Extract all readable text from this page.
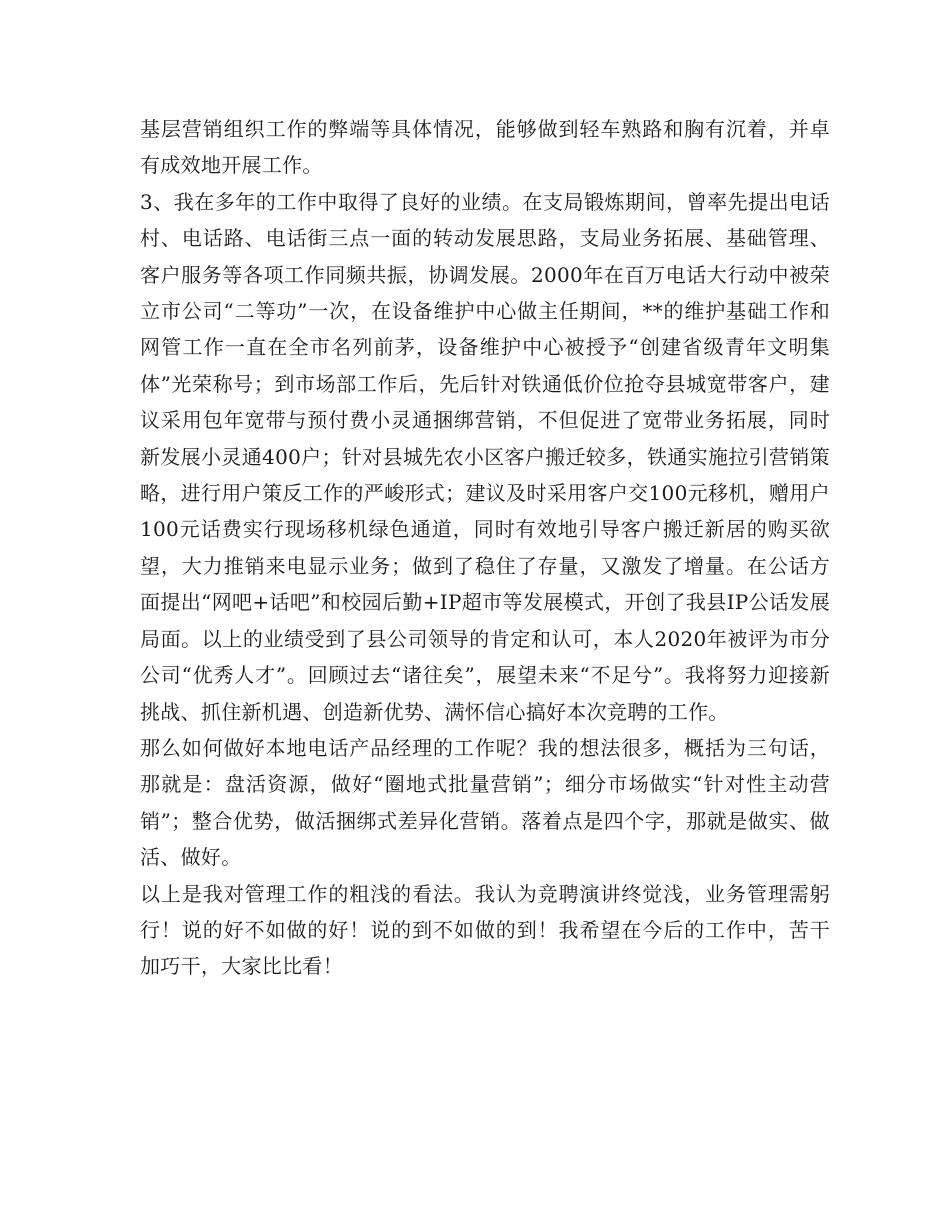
基层营销组织工作的弊端等具体情况，能够做到轻车熟路和胸有沉着，并卓有成效地开展工作。

3、我在多年的工作中取得了良好的业绩。在支局锻炼期间，曾率先提出电话村、电话路、电话街三点一面的转动发展思路，支局业务拓展、基础管理、客户服务等各项工作同频共振，协调发展。2000年在百万电话大行动中被荣立市公司“二等功”一次，在设备维护中心做主任期间，**的维护基础工作和网管工作一直在全市名列前茅，设备维护中心被授予“创建省级青年文明集体”光荣称号；到市场部工作后，先后针对铁通低价位抢夺县城宽带客户，建议采用包年宽带与预付费小灵通捆绑营销，不但促进了宽带业务拓展，同时新发展小灵通400户；针对县城先农小区客户搬迁较多，铁通实施拉引营销策略，进行用户策反工作的严峻形式；建议及时采用客户交100元移机，赠用户100元话费实行现场移机绿色通道，同时有效地引导客户搬迁新居的购买欲望，大力推销来电显示业务；做到了稳住了存量，又激发了增量。在公话方面提出“网吧+话吧”和校园后勤+IP超市等发展模式，开创了我县IP公话发展局面。以上的业绩受到了县公司领导的肯定和认可，本人2020年被评为市分公司“优秀人才”。回顾过去“诸往矣”，展望未来“不足兮”。我将努力迎接新挑战、抓住新机遇、创造新优势、满怀信心搞好本次竞聘的工作。

那么如何做好本地电话产品经理的工作呢？我的想法很多，概括为三句话，那就是：盘活资源，做好“圈地式批量营销”；细分市场做实“针对性主动营销”；整合优势，做活捆绑式差异化营销。落着点是四个字，那就是做实、做活、做好。

以上是我对管理工作的粗浅的看法。我认为竞聘演讲终觉浅，业务管理需躬行！说的好不如做的好！说的到不如做的到！我希望在今后的工作中，苦干加巧干，大家比比看！
